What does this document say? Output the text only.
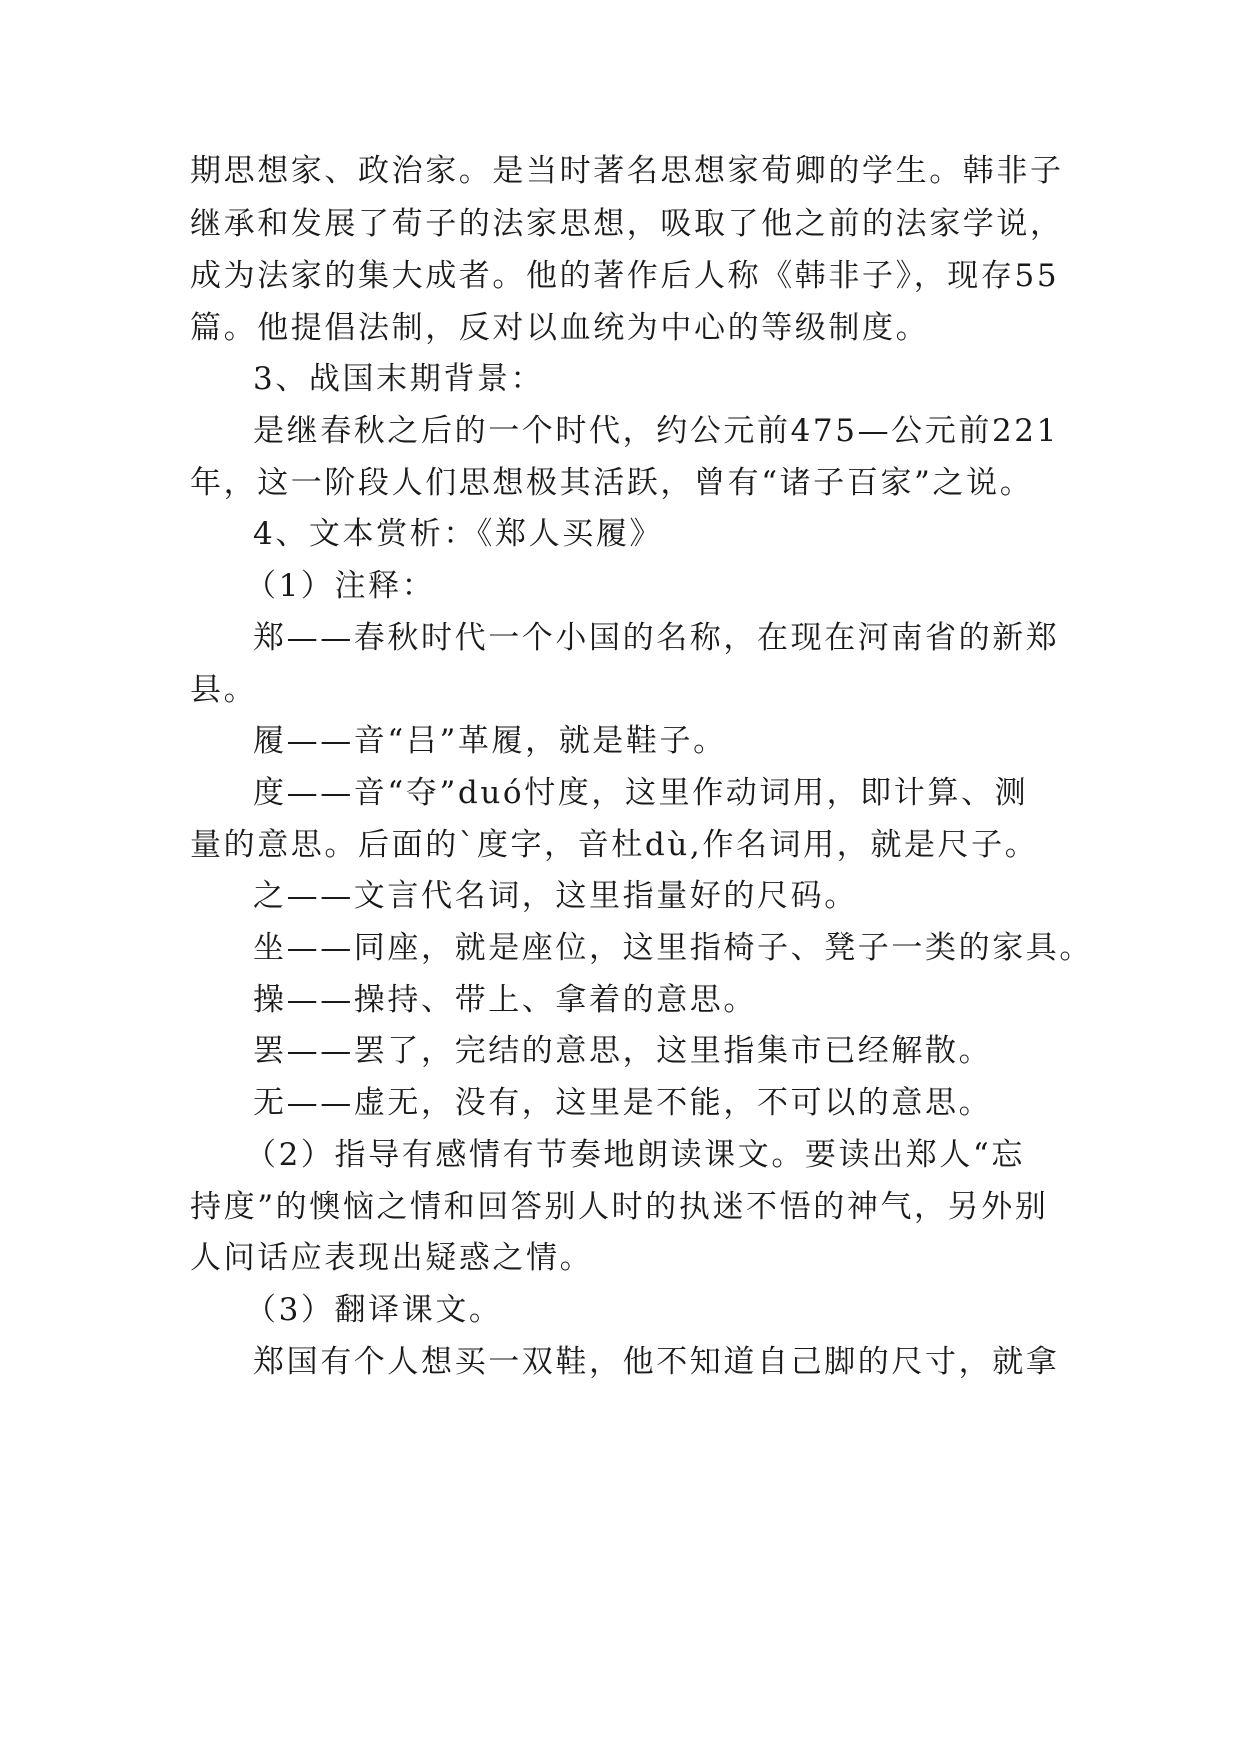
期思想家、政治家。是当时著名思想家荀卿的学生。韩非子
继承和发展了荀子的法家思想，吸取了他之前的法家学说，
成为法家的集大成者。他的著作后人称《韩非子》，现存55
篇。他提倡法制，反对以血统为中心的等级制度。
3、战国末期背景：
是继春秋之后的一个时代，约公元前475—公元前221
年，这一阶段人们思想极其活跃，曾有“诸子百家”之说。
4、文本赏析：《郑人买履》
（1）注释：
郑——春秋时代一个小国的名称，在现在河南省的新郑
县。
履——音“吕”革履，就是鞋子。
度——音“夺”duó忖度，这里作动词用，即计算、测
量的意思。后面的`度字，音杜dù,作名词用，就是尺子。
之——文言代名词，这里指量好的尺码。
坐——同座，就是座位，这里指椅子、凳子一类的家具。
操——操持、带上、拿着的意思。
罢——罢了，完结的意思，这里指集市已经解散。
无——虚无，没有，这里是不能，不可以的意思。
（2）指导有感情有节奏地朗读课文。要读出郑人“忘
持度”的懊恼之情和回答别人时的执迷不悟的神气，另外别
人问话应表现出疑惑之情。
（3）翻译课文。
郑国有个人想买一双鞋，他不知道自己脚的尺寸，就拿
